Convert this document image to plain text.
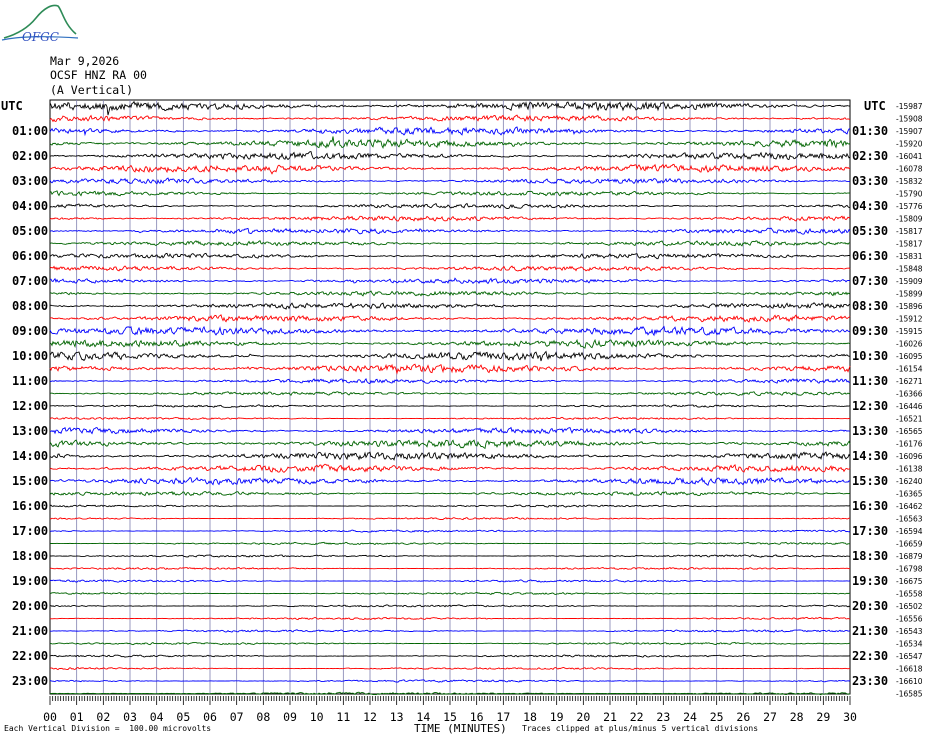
OFGC
Mar 9,2026
OCSF HNZ RA 00
(A Vertical)
UTC	UTC
00 01 02 03 04 05 06 07 08 09 10 11 12 13 14 15 16 17 18 19 20 21 22 23 24 25 26 27 28 29 30
-15987
-15908
-15907
-15920
-16041
-16078
-15832
-15790
-15776
-15809
-15817
-15817
-15831
-15848
-15909
-15899
-15896
-15912
-15915
-16026
-16095
-16154
-16271
-16366
-16446
-16521
-16565
-16176
-16096
-16138
-16240
-16365
-16462
-16563
-16594
-16659
-16879
-16798
-16675
-16558
-16502
-16556
-16543
-16534
-16547
-16618
-16610
-16585
01:00
02:00
03:00
04:00
05:00
06:00
07:00
08:00
09:00
10:00
11:00
12:00
13:00
14:00
15:00
16:00
17:00
18:00
19:00
20:00
21:00
22:00
23:00
01:30
02:30
03:30
04:30
05:30
06:30
07:30
08:30
09:30
10:30
11:30
12:30
13:30
14:30
15:30
16:30
17:30
18:30
19:30
20:30
21:30
22:30
23:30
Each Vertical Division =  100.00 microvolts	TIME (MINUTES) Traces clipped at plus/minus 5 vertical divisions
